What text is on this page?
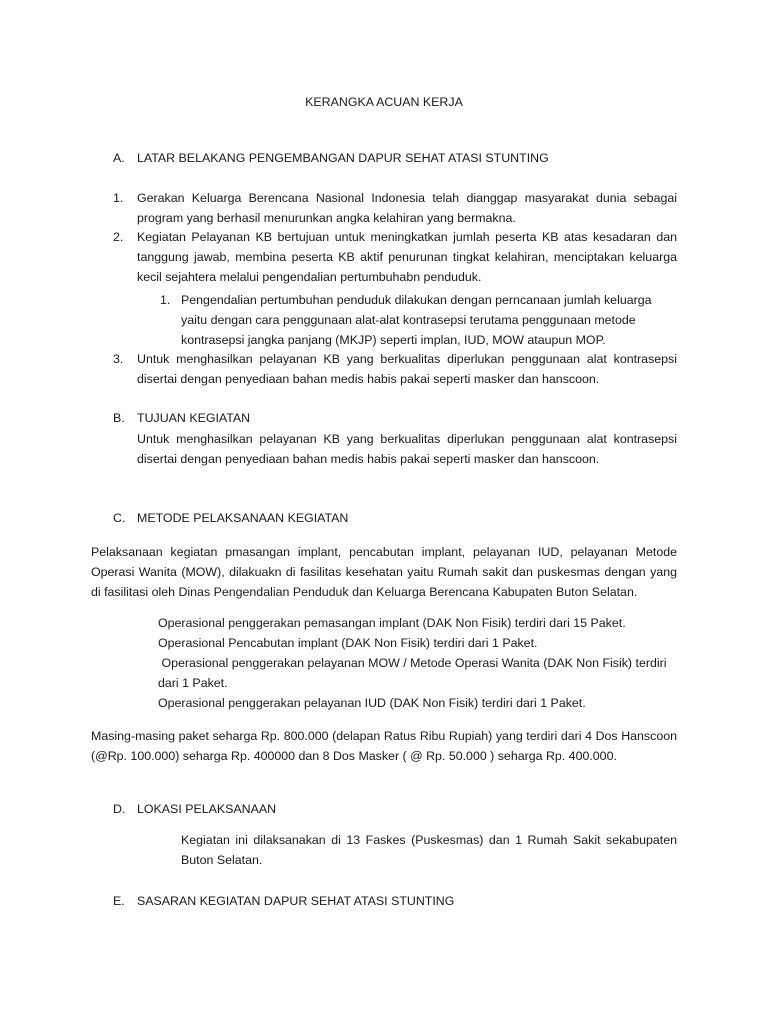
KERANGKA ACUAN KERJA
A. LATAR BELAKANG PENGEMBANGAN DAPUR SEHAT ATASI STUNTING
1. Gerakan Keluarga Berencana Nasional Indonesia telah dianggap masyarakat dunia sebagai program yang berhasil menurunkan angka kelahiran yang bermakna.
2. Kegiatan Pelayanan KB bertujuan untuk meningkatkan jumlah peserta KB atas kesadaran dan tanggung jawab, membina peserta KB aktif penurunan tingkat kelahiran, menciptakan keluarga kecil sejahtera melalui pengendalian pertumbuhabn penduduk.
1. Pengendalian pertumbuhan penduduk dilakukan dengan perncanaan jumlah keluarga yaitu dengan cara penggunaan alat-alat kontrasepsi terutama penggunaan metode kontrasepsi jangka panjang (MKJP) seperti implan, IUD, MOW ataupun MOP.
3. Untuk menghasilkan pelayanan KB yang berkualitas diperlukan penggunaan alat kontrasepsi disertai dengan penyediaan bahan medis habis pakai seperti masker dan hanscoon.
B. TUJUAN KEGIATAN
Untuk menghasilkan pelayanan KB yang berkualitas diperlukan penggunaan alat kontrasepsi disertai dengan penyediaan bahan medis habis pakai seperti masker dan hanscoon.
C. METODE PELAKSANAAN KEGIATAN
Pelaksanaan kegiatan pmasangan implant, pencabutan implant, pelayanan IUD, pelayanan Metode Operasi Wanita (MOW), dilakuakn di fasilitas kesehatan yaitu Rumah sakit dan puskesmas dengan yang di fasilitasi oleh Dinas Pengendalian Penduduk dan Keluarga Berencana Kabupaten Buton Selatan.
Operasional penggerakan pemasangan implant (DAK Non Fisik) terdiri dari 15 Paket.
Operasional Pencabutan implant (DAK Non Fisik) terdiri dari 1 Paket.
Operasional penggerakan pelayanan MOW / Metode Operasi Wanita (DAK Non Fisik) terdiri dari 1 Paket.
Operasional penggerakan pelayanan IUD (DAK Non Fisik) terdiri dari 1 Paket.
Masing-masing paket seharga Rp. 800.000 (delapan Ratus Ribu Rupiah) yang terdiri dari 4 Dos Hanscoon (@Rp. 100.000) seharga Rp. 400000 dan 8 Dos Masker ( @ Rp. 50.000 ) seharga Rp. 400.000.
D. LOKASI PELAKSANAAN
Kegiatan ini dilaksanakan di 13 Faskes (Puskesmas) dan 1 Rumah Sakit sekabupaten Buton Selatan.
E. SASARAN KEGIATAN DAPUR SEHAT ATASI STUNTING
